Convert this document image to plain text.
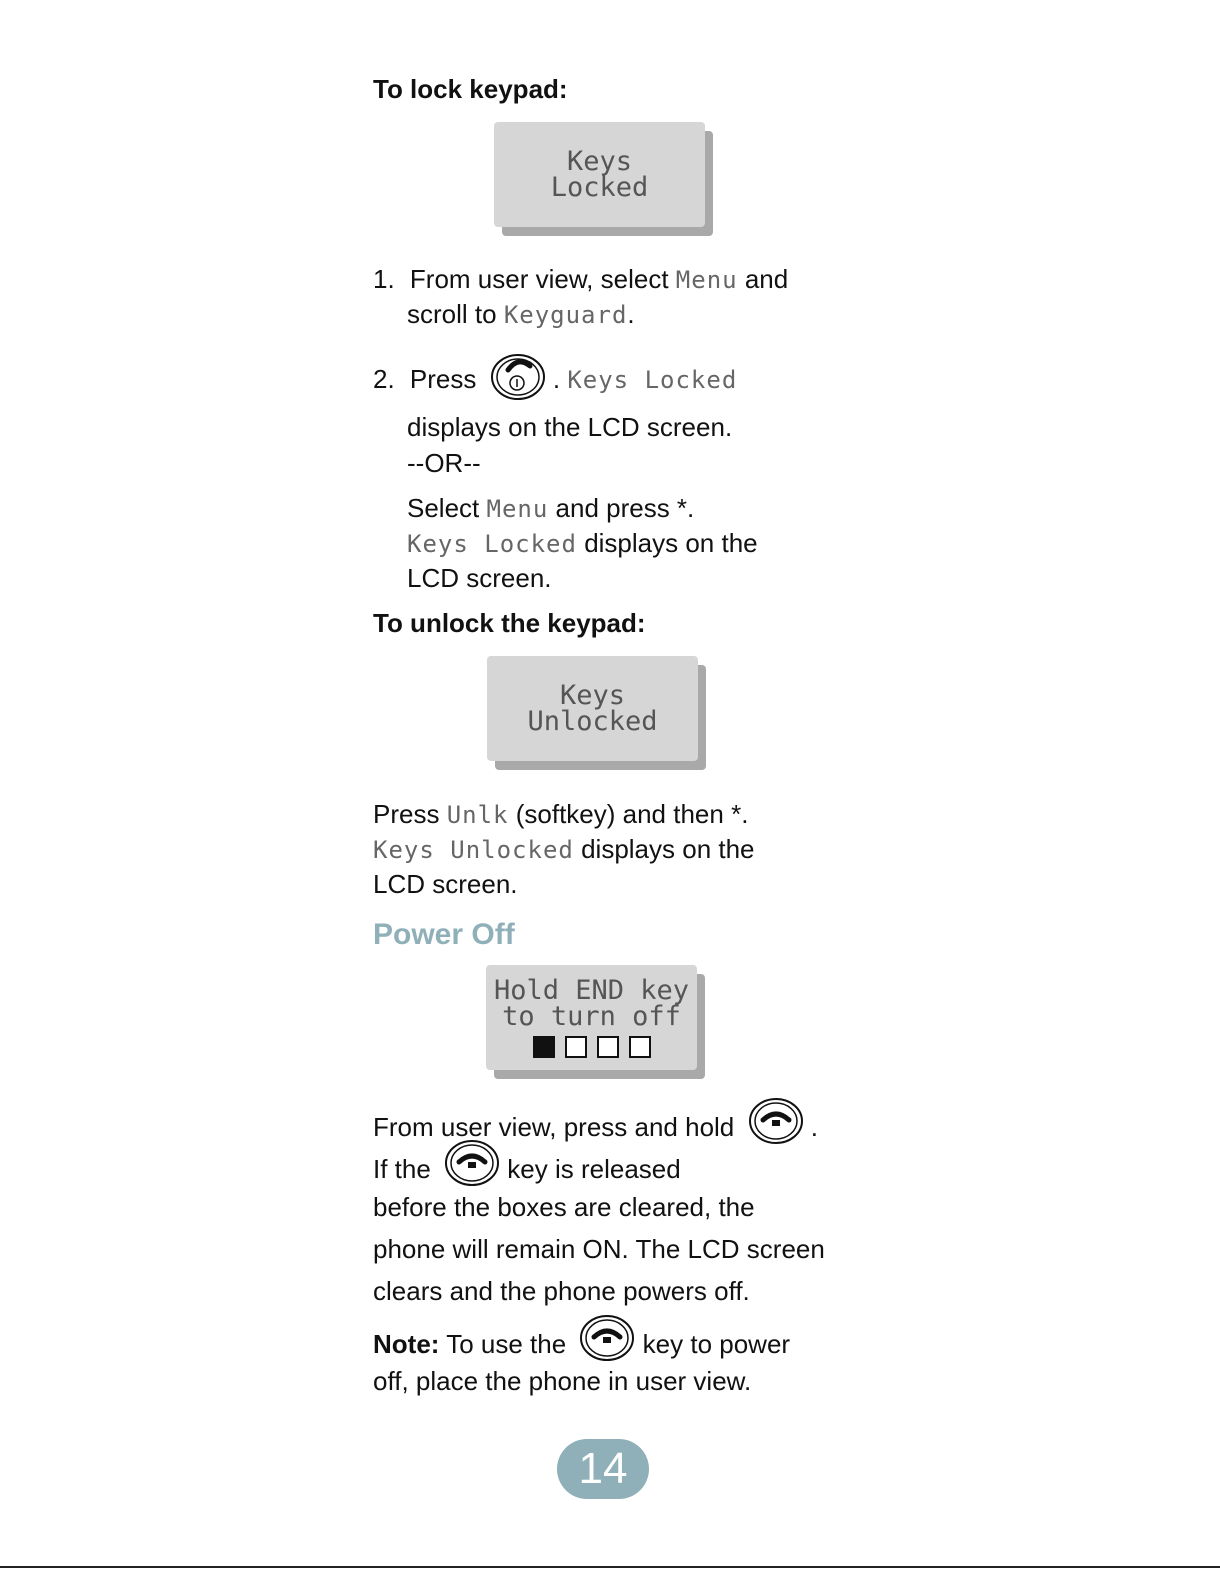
To lock keypad:
Keys
Locked
1. From user view, select Menu and
scroll to Keyguard.
2. Press	. Keys Locked
displays on the LCD screen.
--OR--
Select Menu and press *.
Keys Locked displays on the
LCD screen.
To unlock the keypad:
Keys
Unlocked
Press Unlk (softkey) and then *.
Keys Unlocked displays on the
LCD screen.
Power Off
Hold END key
to turn off
From user view, press and hold	.
If the	key is released
before the boxes are cleared, the
phone will remain ON. The LCD screen
clears and the phone powers off.
Note: To use the	key to power
off, place the phone in user view.
14
